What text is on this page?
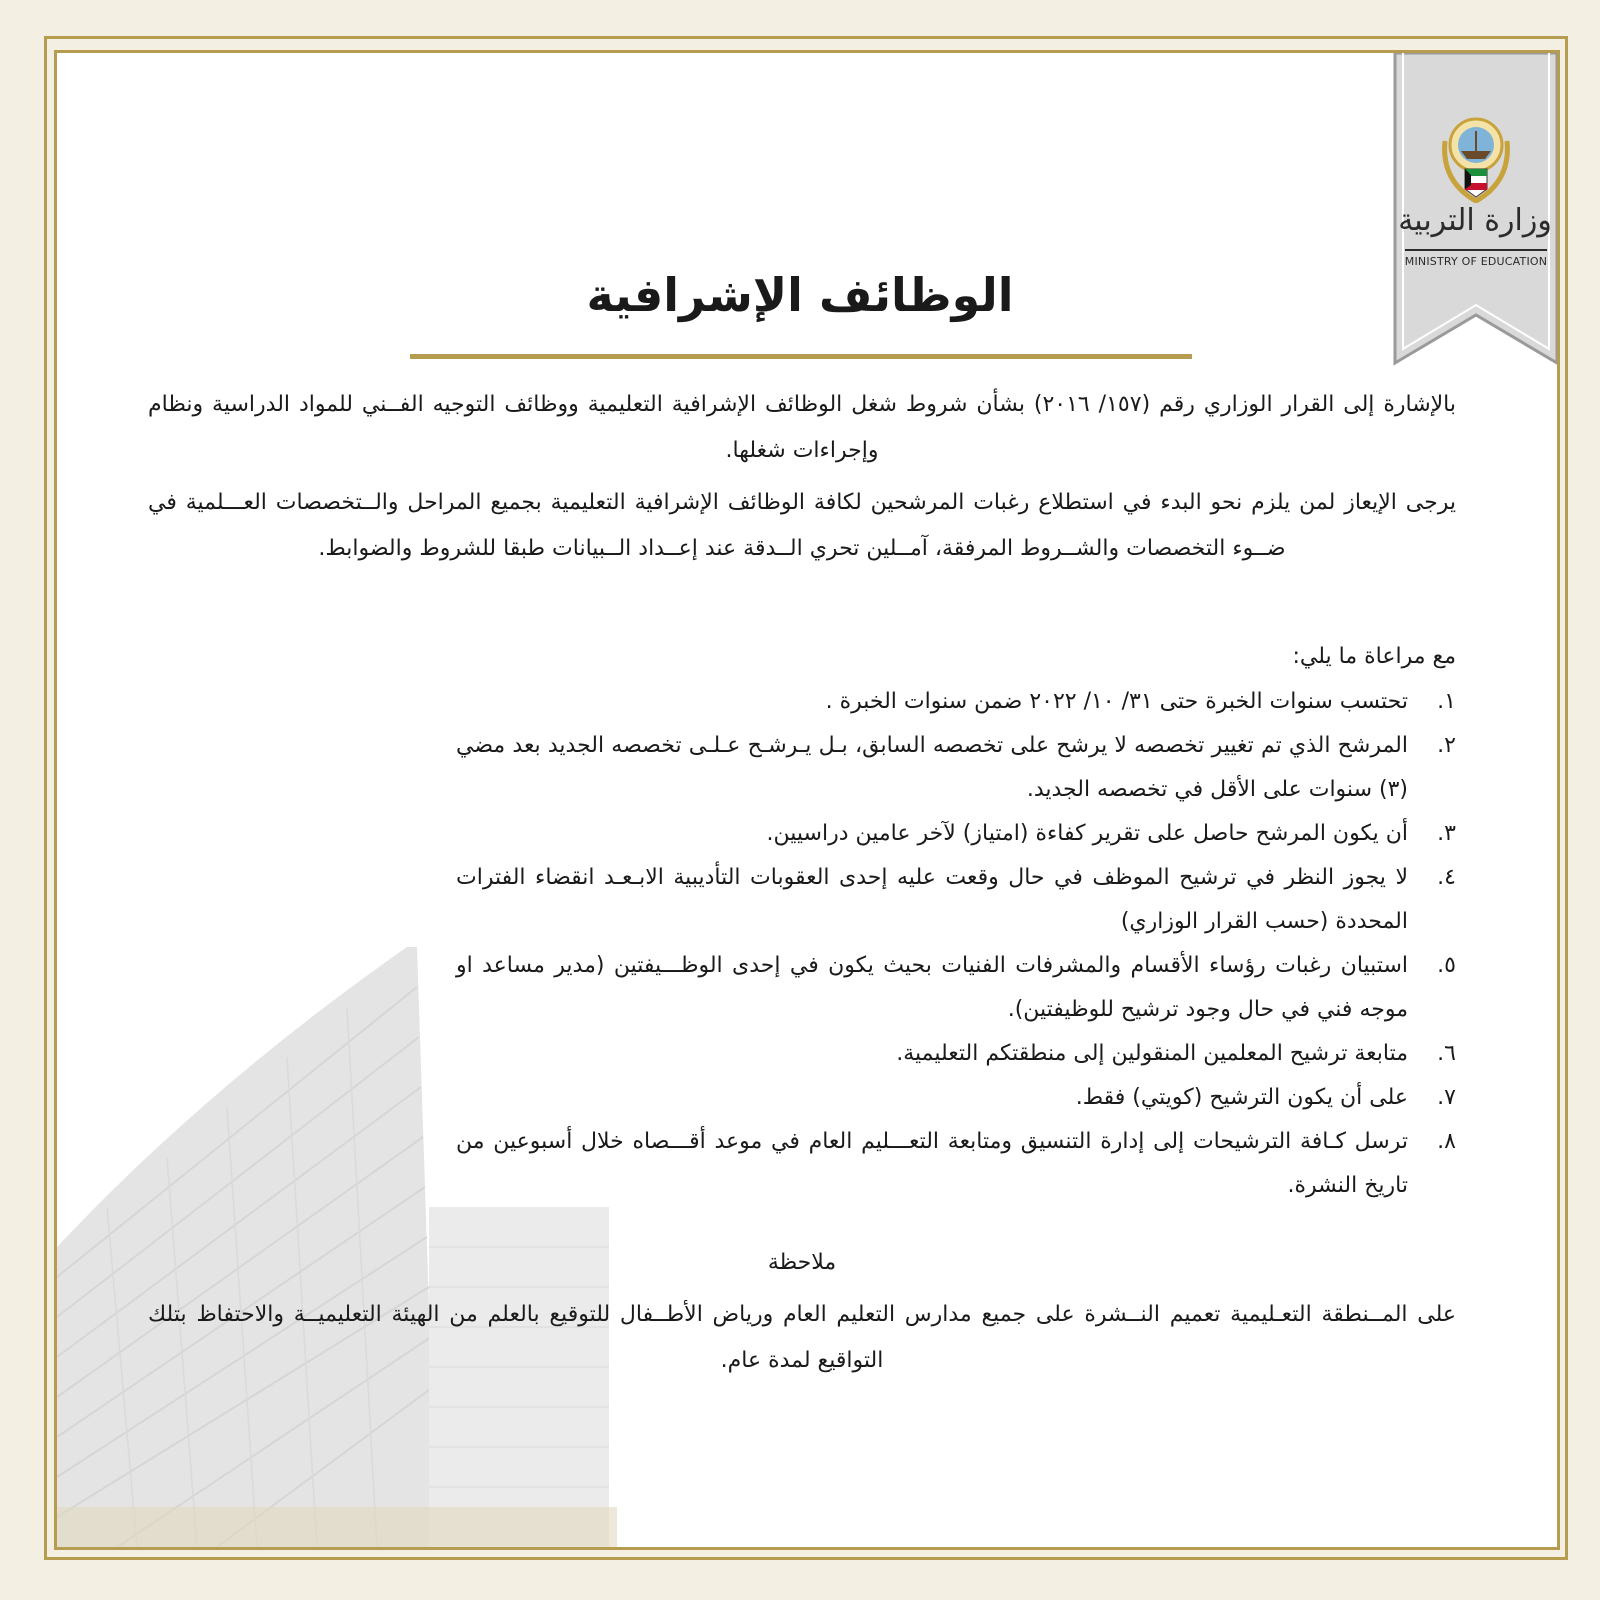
وزارة التربية
MINISTRY OF EDUCATION
الوظائف الإشرافية

بالإشارة إلى القرار الوزاري رقم (١٥٧/ ٢٠١٦) بشأن شروط شغل الوظائف الإشرافية التعليمية ووظائف التوجيه الفــني للمواد الدراسية ونظام وإجراءات شغلها.

يرجى الإيعاز لمن يلزم نحو البدء في استطلاع رغبات المرشحين لكافة الوظائف الإشرافية التعليمية بجميع المراحل والــتخصصات العـــلمية في ضــوء التخصصات والشــروط المرفقة، آمــلين تحري الــدقة عند إعــداد الــبيانات طبقا للشروط والضوابط.

مع مراعاة ما يلي:

١.
تحتسب سنوات الخبرة حتى ٣١/ ١٠/ ٢٠٢٢ ضمن سنوات الخبرة .
٢.
المرشح الذي تم تغيير تخصصه لا يرشح على تخصصه السابق، بـل يـرشـح عـلـى تخصصه الجديد بعد مضي (٣) سنوات على الأقل في تخصصه الجديد.
٣.
أن يكون المرشح حاصل على تقرير كفاءة (امتياز) لآخر عامين دراسيين.
٤.
لا يجوز النظر في ترشيح الموظف في حال وقعت عليه إحدى العقوبات التأديبية الابـعـد انقضاء الفترات المحددة (حسب القرار الوزاري)
٥.
استبيان رغبات رؤساء الأقسام والمشرفات الفنيات بحيث يكون في إحدى الوظـــيفتين (مدير مساعد او موجه فني في حال وجود ترشيح للوظيفتين).
٦.
متابعة ترشيح المعلمين المنقولين إلى منطقتكم التعليمية.
٧.
على أن يكون الترشيح (كويتي) فقط.
٨.
ترسل كـافة الترشيحات إلى إدارة التنسيق ومتابعة التعـــليم العام في موعد أقـــصاه خلال أسبوعين من تاريخ النشرة.

ملاحظة

على المــنطقة التعـليمية تعميم النــشرة على جميع مدارس التعليم العام ورياض الأطــفال للتوقيع بالعلم من الهيئة التعليميــة والاحتفاظ بتلك التواقيع لمدة عام.
